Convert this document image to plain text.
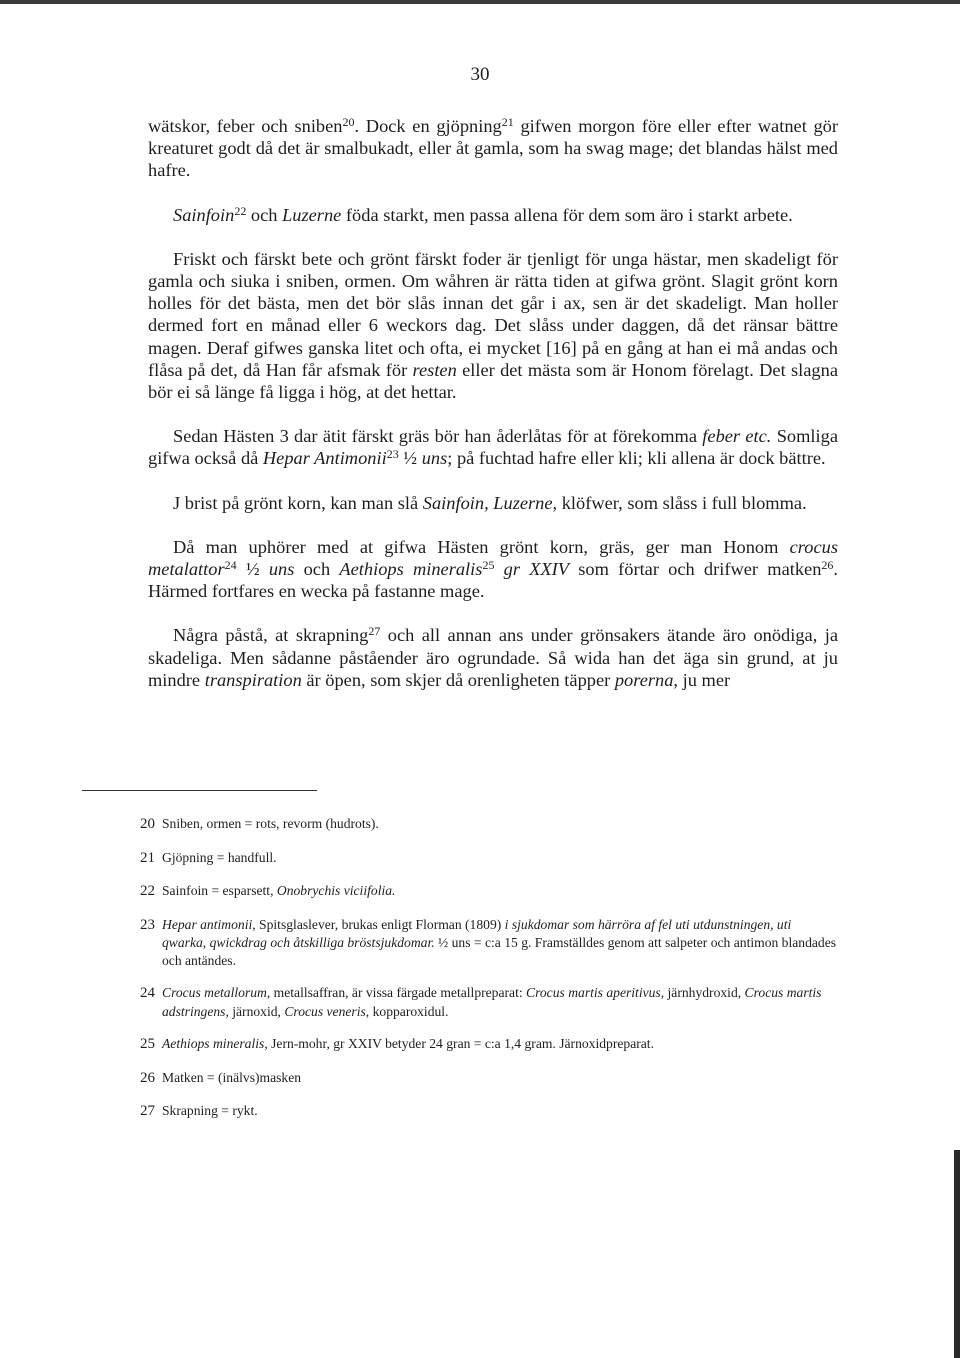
30

wätskor, feber och sniben$^{20}$. Dock en gjöpning$^{21}$ gifwen morgon före eller efter watnet gör kreaturet godt då det är smalbukadt, eller åt gamla, som ha swag mage; det blandas hälst med hafre.

Sainfoin$^{22}$ och Luzerne föda starkt, men passa allena för dem som äro i starkt arbete.

Friskt och färskt bete och grönt färskt foder är tjenligt för unga hästar, men skadeligt för gamla och siuka i sniben, ormen. Om wåhren är rätta tiden at gifwa grönt. Slagit grönt korn holles för det bästa, men det bör slås innan det går i ax, sen är det skadeligt. Man holler dermed fort en månad eller 6 weckors dag. Det slåss under daggen, då det ränsar bättre magen. Deraf gifwes ganska litet och ofta, ei mycket [16] på en gång at han ei må andas och flåsa på det, då Han får afsmak för resten eller det mästa som är Honom förelagt. Det slagna bör ei så länge få ligga i hög, at det hettar.

Sedan Hästen 3 dar ätit färskt gräs bör han åderlåtas för at förekomma feber etc. Somliga gifwa också då Hepar Antimonii$^{23}$ ½ uns; på fuchtad hafre eller kli; kli allena är dock bättre.

J brist på grönt korn, kan man slå Sainfoin, Luzerne, klöfwer, som slåss i full blomma.

Då man uphörer med at gifwa Hästen grönt korn, gräs, ger man Honom crocus metalattor$^{24}$ ½ uns och Aethiops mineralis$^{25}$ gr XXIV som förtar och drifwer matken$^{26}$. Härmed fortfares en wecka på fastanne mage.

Några påstå, at skrapning$^{27}$ och all annan ans under grönsakers ätande äro onödiga, ja skadeliga. Men sådanne påståender äro ogrundade. Så wida han det äga sin grund, at ju mindre transpiration är öpen, som skjer då orenligheten täpper porerna, ju mer

20 Sniben, ormen = rots, revorm (hudrots).
21 Gjöpning = handfull.
22 Sainfoin = esparsett, Onobrychis viciifolia.
23 Hepar antimonii, Spitsglaslever, brukas enligt Florman (1809) i sjukdomar som härröra af fel uti utdunstningen, uti qwarka, qwickdrag och åtskilliga bröstsjukdomar. ½ uns = c:a 15 g. Framställdes genom att salpeter och antimon blandades och antändes.
24 Crocus metallorum, metallsaffran, är vissa färgade metallpreparat: Crocus martis aperitivus, järnhydroxid, Crocus martis adstringens, järnoxid, Crocus veneris, kopparoxidul.
25 Aethiops mineralis, Jern-mohr, gr XXIV betyder 24 gran = c:a 1,4 gram. Järnoxidpreparat.
26 Matken = (inälvs)masken
27 Skrapning = rykt.
